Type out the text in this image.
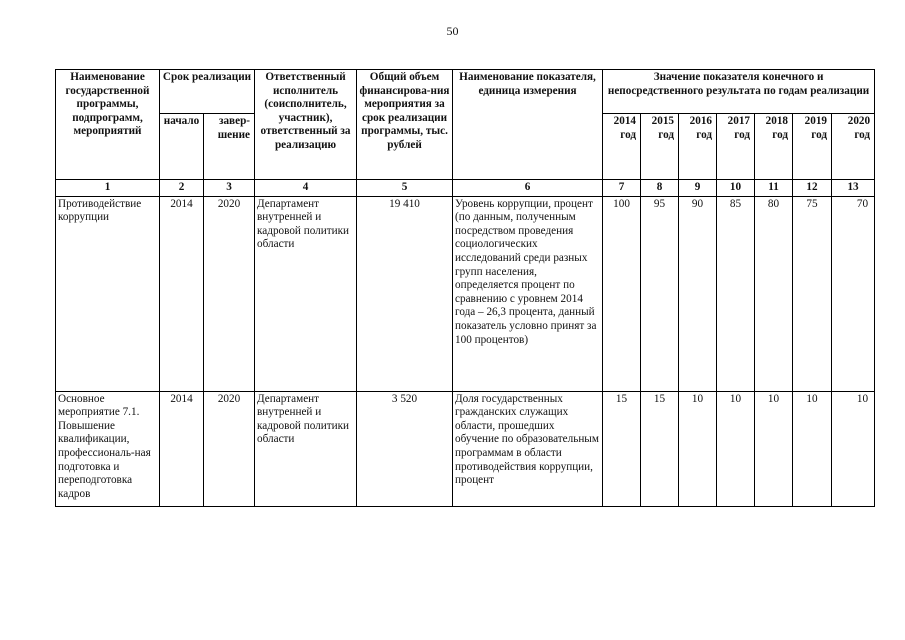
50
Наименование государственной программы, подпрограмм, мероприятий	Срок реализации		Ответственный исполнитель (соисполнитель, участник), ответственный за реализацию	Общий объем финансирова-ния мероприятия за срок реализации программы, тыс. рублей	Наименование показателя, единица измерения	Значение показателя конечного и непосредственного результата по годам реализации						
	начало	завер-шение				2014 год	2015 год	2016 год	2017 год	2018 год	2019 год	2020 год
1	2	3	4	5	6	7	8	9	10	11	12	13
Противодействие коррупции	2014	2020	Департамент внутренней и кадровой политики области	19 410	Уровень коррупции, процент (по данным, полученным посредством проведения социологических исследований среди разных групп населения, определяется процент по сравнению с уровнем 2014 года – 26,3 процента, данный показатель условно принят за 100 процентов)	100	95	90	85	80	75	70
Основное мероприятие 7.1. Повышение квалификации, профессиональ-ная подготовка и переподготовка кадров	2014	2020	Департамент внутренней и кадровой политики области	3 520	Доля государственных гражданских служащих области, прошедших обучение по образовательным программам в области противодействия коррупции, процент	15	15	10	10	10	10	10
